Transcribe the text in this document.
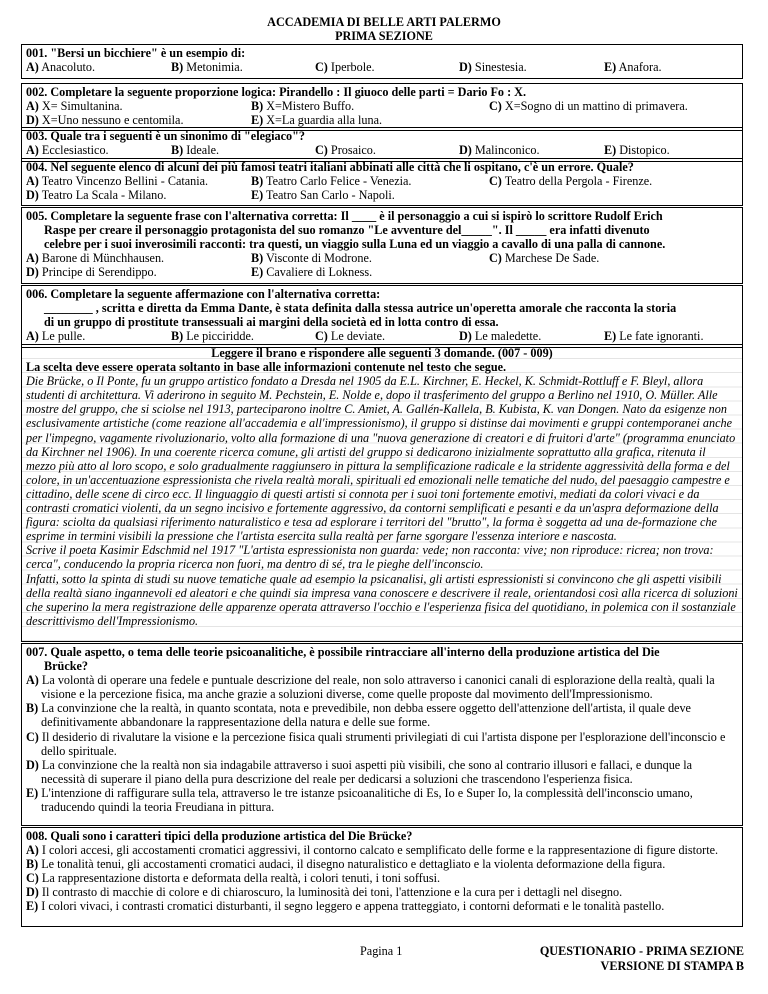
ACCADEMIA DI BELLE ARTI PALERMO
PRIMA SEZIONE
001. "Bersi un bicchiere" è un esempio di:
A) Anacoluto.	B) Metonimia.	C) Iperbole.	D) Sinestesia.	E) Anafora.
002. Completare la seguente proporzione logica: Pirandello : Il giuoco delle parti = Dario Fo : X.
A) X= Simultanina.	B) X=Mistero Buffo.	C) X=Sogno di un mattino di primavera.
D) X=Uno nessuno e centomila.	E) X=La guardia alla luna.
003. Quale tra i seguenti è un sinonimo di "elegiaco"?
A) Ecclesiastico.	B) Ideale.	C) Prosaico.	D) Malinconico.	E) Distopico.
004. Nel seguente elenco di alcuni dei più famosi teatri italiani abbinati alle città che li ospitano, c'è un errore. Quale?
A) Teatro Vincenzo Bellini - Catania.	B) Teatro Carlo Felice - Venezia.	C) Teatro della Pergola - Firenze.
D) Teatro La Scala - Milano.	E) Teatro San Carlo - Napoli.
005. Completare la seguente frase con l'alternativa corretta: Il ____ è il personaggio a cui si ispirò lo scrittore Rudolf Erich
Raspe per creare il personaggio protagonista del suo romanzo "Le avventure del_____". Il _____ era infatti divenuto
celebre per i suoi inverosimili racconti: tra questi, un viaggio sulla Luna ed un viaggio a cavallo di una palla di cannone.
A) Barone di Münchhausen.	B) Visconte di Modrone.	C) Marchese De Sade.
D) Principe di Serendippo.	E) Cavaliere di Lokness.
006. Completare la seguente affermazione con l'alternativa corretta:
________ , scritta e diretta da Emma Dante, è stata definita dalla stessa autrice un'operetta amorale che racconta la storia
di un gruppo di prostitute transessuali ai margini della società ed in lotta contro di essa.
A) Le pulle.	B) Le picciridde.	C) Le deviate.	D) Le maledette.	E) Le fate ignoranti.
Leggere il brano e rispondere alle seguenti 3 domande. (007 - 009)
La scelta deve essere operata soltanto in base alle informazioni contenute nel testo che segue.

Die Brücke, o Il Ponte, fu un gruppo artistico fondato a Dresda nel 1905 da E.L. Kirchner, E. Heckel, K. Schmidt-Rottluff e F. Bleyl, allora studenti di architettura. Vi aderirono in seguito M. Pechstein, E. Nolde e, dopo il trasferimento del gruppo a Berlino nel 1910, O. Müller. Alle mostre del gruppo, che si sciolse nel 1913, parteciparono inoltre C. Amiet, A. Gallén-Kallela, B. Kubista, K. van Dongen. Nato da esigenze non esclusivamente artistiche (come reazione all'accademia e all'impressionismo), il gruppo si distinse dai movimenti e gruppi contemporanei anche per l'impegno, vagamente rivoluzionario, volto alla formazione di una "nuova generazione di creatori e di fruitori d'arte" (programma enunciato da Kirchner nel 1906). In una coerente ricerca comune, gli artisti del gruppo si dedicarono inizialmente soprattutto alla grafica, ritenuta il mezzo più atto al loro scopo, e solo gradualmente raggiunsero in pittura la semplificazione radicale e la stridente aggressività della forma e del colore, in un'accentuazione espressionista che rivela realtà morali, spirituali ed emozionali nelle tematiche del nudo, del paesaggio campestre e cittadino, delle scene di circo ecc. Il linguaggio di questi artisti si connota per i suoi toni fortemente emotivi, mediati da colori vivaci e da contrasti cromatici violenti, da un segno incisivo e fortemente aggressivo, da contorni semplificati e pesanti e da un'aspra deformazione della figura: sciolta da qualsiasi riferimento naturalistico e tesa ad esplorare i territori del "brutto", la forma è soggetta ad una de-formazione che esprime in termini visibili la pressione che l'artista esercita sulla realtà per farne sgorgare l'essenza interiore e nascosta.

Scrive il poeta Kasimir Edschmid nel 1917 "L'artista espressionista non guarda: vede; non racconta: vive; non riproduce: ricrea; non trova: cerca", conducendo la propria ricerca non fuori, ma dentro di sé, tra le pieghe dell'inconscio.

Infatti, sotto la spinta di studi su nuove tematiche quale ad esempio la psicanalisi, gli artisti espressionisti si convincono che gli aspetti visibili della realtà siano ingannevoli ed aleatori e che quindi sia impresa vana conoscere e descrivere il reale, orientandosi così alla ricerca di soluzioni che superino la mera registrazione delle apparenze operata attraverso l'occhio e l'esperienza fisica del quotidiano, in polemica con il sostanziale descrittivismo dell'Impressionismo.

007. Quale aspetto, o tema delle teorie psicoanalitiche, è possibile rintracciare all'interno della produzione artistica del Die
Brücke?

A) La volontà di operare una fedele e puntuale descrizione del reale, non solo attraverso i canonici canali di esplorazione della realtà, quali la visione e la percezione fisica, ma anche grazie a soluzioni diverse, come quelle proposte dal movimento dell'Impressionismo.

B) La convinzione che la realtà, in quanto scontata, nota e prevedibile, non debba essere oggetto dell'attenzione dell'artista, il quale deve definitivamente abbandonare la rappresentazione della natura e delle sue forme.

C) Il desiderio di rivalutare la visione e la percezione fisica quali strumenti privilegiati di cui l'artista dispone per l'esplorazione dell'inconscio e dello spirituale.

D) La convinzione che la realtà non sia indagabile attraverso i suoi aspetti più visibili, che sono al contrario illusori e fallaci, e dunque la necessità di superare il piano della pura descrizione del reale per dedicarsi a soluzioni che trascendono l'esperienza fisica.

E) L'intenzione di raffigurare sulla tela, attraverso le tre istanze psicoanalitiche di Es, Io e Super Io, la complessità dell'inconscio umano, traducendo quindi la teoria Freudiana in pittura.

008. Quali sono i caratteri tipici della produzione artistica del Die Brücke?

A) I colori accesi, gli accostamenti cromatici aggressivi, il contorno calcato e semplificato delle forme e la rappresentazione di figure distorte.

B) Le tonalità tenui, gli accostamenti cromatici audaci, il disegno naturalistico e dettagliato e la violenta deformazione della figura.

C) La rappresentazione distorta e deformata della realtà, i colori tenuti, i toni soffusi.

D) Il contrasto di macchie di colore e di chiaroscuro, la luminosità dei toni, l'attenzione e la cura per i dettagli nel disegno.

E) I colori vivaci, i contrasti cromatici disturbanti, il segno leggero e appena tratteggiato, i contorni deformati e le tonalità pastello.

Pagina 1	QUESTIONARIO - PRIMA SEZIONE
VERSIONE DI STAMPA B
